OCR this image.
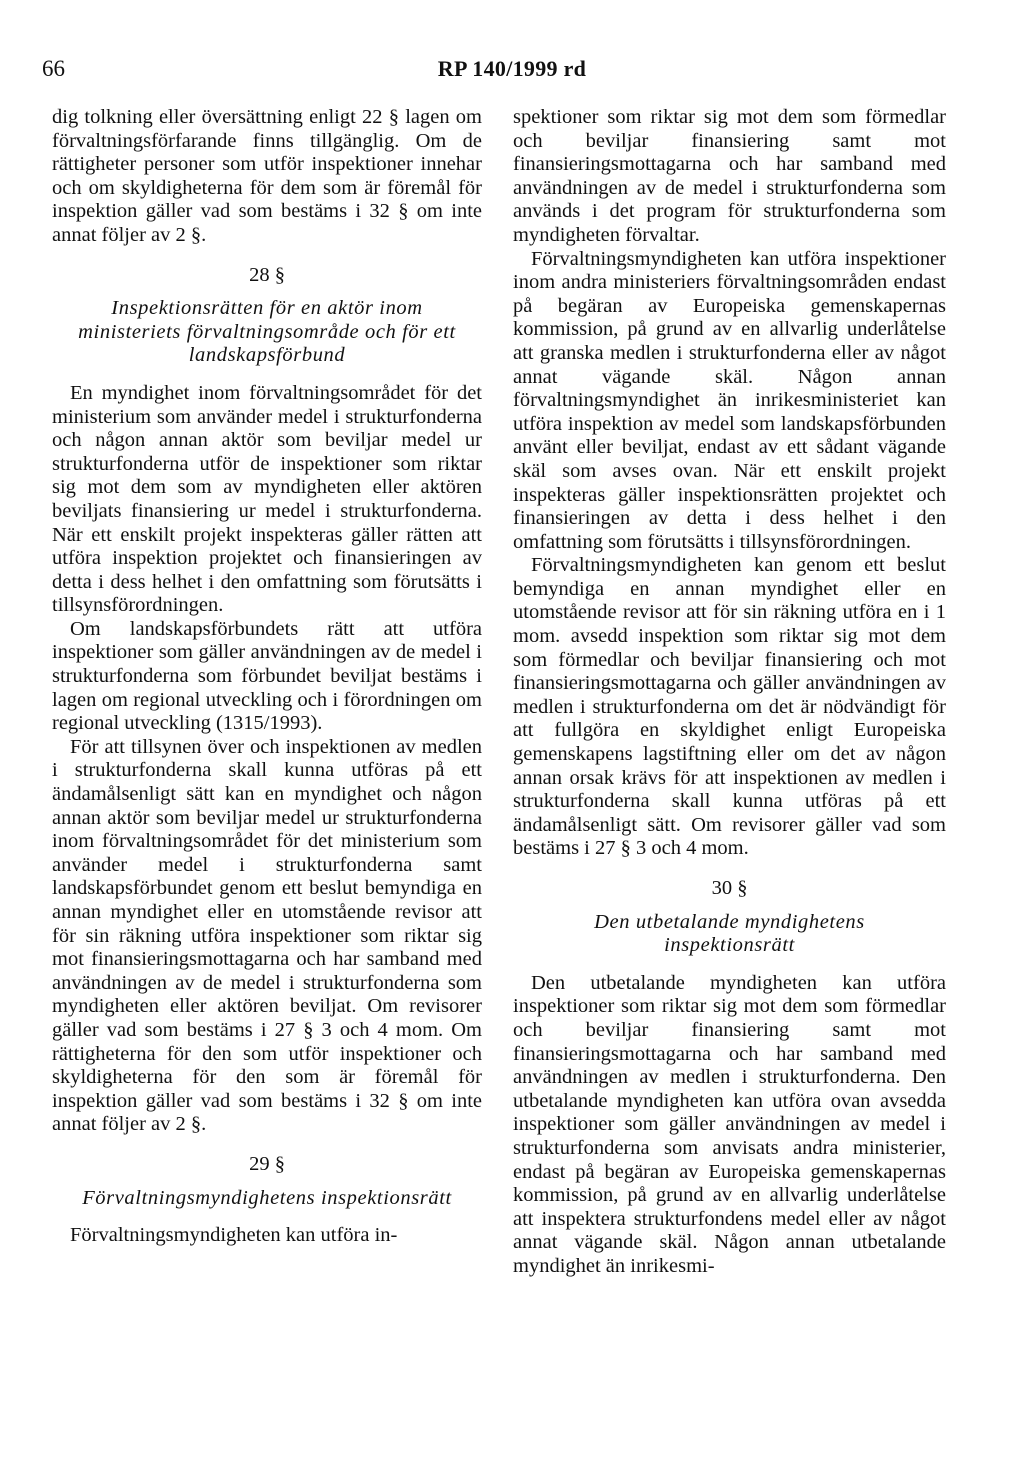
66	RP 140/1999 rd

dig tolkning eller översättning enligt 22 § lagen om förvaltningsförfarande finns tillgänglig. Om de rättigheter personer som utför inspektioner innehar och om skyldigheterna för dem som är föremål för inspektion gäller vad som bestäms i 32 § om inte annat följer av 2 §.

28 §
Inspektionsrätten för en aktör inom
ministeriets förvaltningsområde och för ett
landskapsförbund

En myndighet inom förvaltningsområdet för det ministerium som använder medel i strukturfonderna och någon annan aktör som beviljar medel ur strukturfonderna utför de inspektioner som riktar sig mot dem som av myndigheten eller aktören beviljats finansiering ur medel i strukturfonderna. När ett enskilt projekt inspekteras gäller rätten att utföra inspektion projektet och finansieringen av detta i dess helhet i den omfattning som förutsätts i tillsynsförordningen.

Om landskapsförbundets rätt att utföra inspektioner som gäller användningen av de medel i strukturfonderna som förbundet beviljat bestäms i lagen om regional utveckling och i förordningen om regional utveckling (1315/1993).

För att tillsynen över och inspektionen av medlen i strukturfonderna skall kunna utföras på ett ändamålsenligt sätt kan en myndighet och någon annan aktör som beviljar medel ur strukturfonderna inom förvaltningsområdet för det ministerium som använder medel i strukturfonderna samt landskapsförbundet genom ett beslut bemyndiga en annan myndighet eller en utomstående revisor att för sin räkning utföra inspektioner som riktar sig mot finansieringsmottagarna och har samband med användningen av de medel i strukturfonderna som myndigheten eller aktören beviljat. Om revisorer gäller vad som bestäms i 27 § 3 och 4 mom. Om rättigheterna för den som utför inspektioner och skyldigheterna för den som är föremål för inspektion gäller vad som bestäms i 32 § om inte annat följer av 2 §.

29 §
Förvaltningsmyndighetens inspektionsrätt

Förvaltningsmyndigheten kan utföra in-

spektioner som riktar sig mot dem som förmedlar och beviljar finansiering samt mot finansieringsmottagarna och har samband med användningen av de medel i strukturfonderna som används i det program för strukturfonderna som myndigheten förvaltar.

Förvaltningsmyndigheten kan utföra inspektioner inom andra ministeriers förvaltningsområden endast på begäran av Europeiska gemenskapernas kommission, på grund av en allvarlig underlåtelse att granska medlen i strukturfonderna eller av något annat vägande skäl. Någon annan förvaltningsmyndighet än inrikesministeriet kan utföra inspektion av medel som landskapsförbunden använt eller beviljat, endast av ett sådant vägande skäl som avses ovan. När ett enskilt projekt inspekteras gäller inspektionsrätten projektet och finansieringen av detta i dess helhet i den omfattning som förutsätts i tillsynsförordningen.

Förvaltningsmyndigheten kan genom ett beslut bemyndiga en annan myndighet eller en utomstående revisor att för sin räkning utföra en i 1 mom. avsedd inspektion som riktar sig mot dem som förmedlar och beviljar finansiering och mot finansieringsmottagarna och gäller användningen av medlen i strukturfonderna om det är nödvändigt för att fullgöra en skyldighet enligt Europeiska gemenskapens lagstiftning eller om det av någon annan orsak krävs för att inspektionen av medlen i strukturfonderna skall kunna utföras på ett ändamålsenligt sätt. Om revisorer gäller vad som bestäms i 27 § 3 och 4 mom.

30 §
Den utbetalande myndighetens
inspektionsrätt

Den utbetalande myndigheten kan utföra inspektioner som riktar sig mot dem som förmedlar och beviljar finansiering samt mot finansieringsmottagarna och har samband med användningen av medlen i strukturfonderna. Den utbetalande myndigheten kan utföra ovan avsedda inspektioner som gäller användningen av medel i strukturfonderna som anvisats andra ministerier, endast på begäran av Europeiska gemenskapernas kommission, på grund av en allvarlig underlåtelse att inspektera strukturfondens medel eller av något annat vägande skäl. Någon annan utbetalande myndighet än inrikesmi-
